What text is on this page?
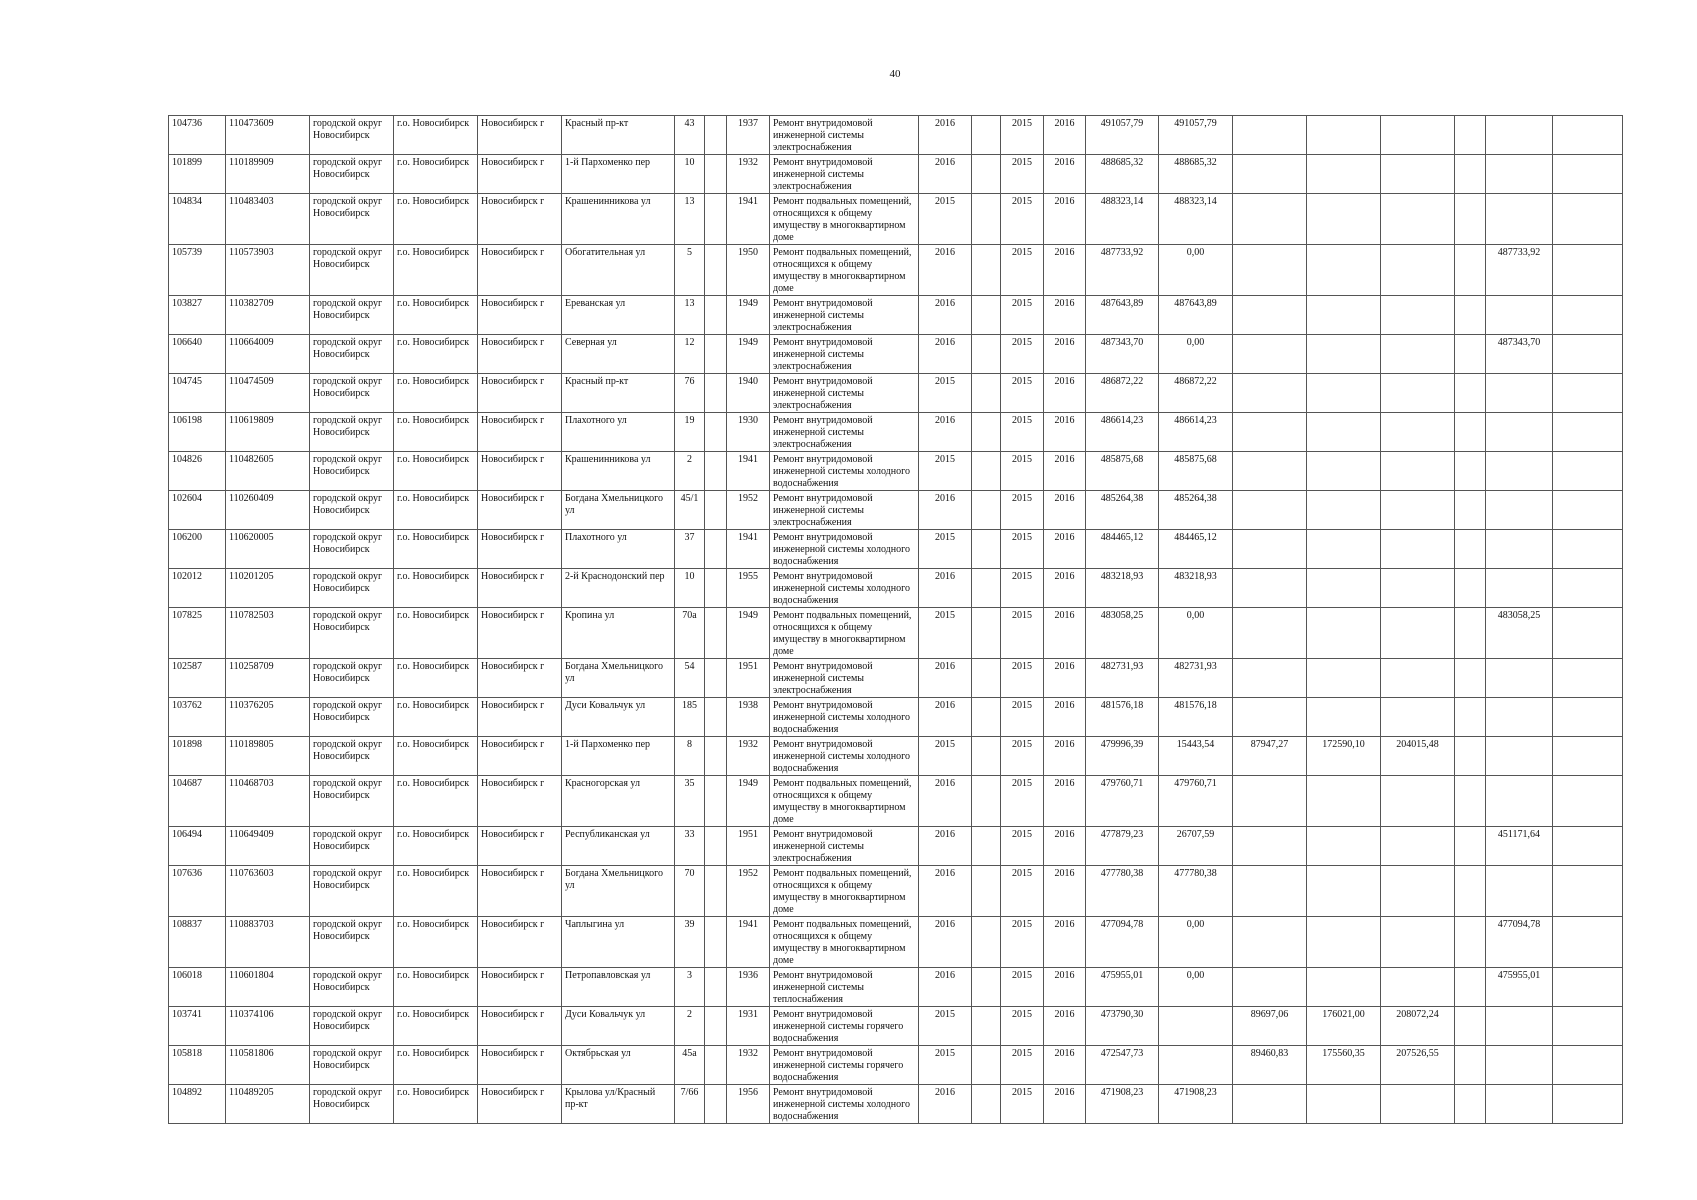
40
104736	110473609	городской округ Новосибирск	г.о. Новосибирск	Новосибирск г	Красный пр-кт	43		1937	Ремонт внутридомовой инженерной системы электроснабжения	2016		2015	2016	491057,79	491057,79						
101899	110189909	городской округ Новосибирск	г.о. Новосибирск	Новосибирск г	1-й Пархоменко пер	10		1932	Ремонт внутридомовой инженерной системы электроснабжения	2016		2015	2016	488685,32	488685,32						
104834	110483403	городской округ Новосибирск	г.о. Новосибирск	Новосибирск г	Крашенинникова ул	13		1941	Ремонт подвальных помещений, относящихся к общему имуществу в многоквартирном доме	2015		2015	2016	488323,14	488323,14						
105739	110573903	городской округ Новосибирск	г.о. Новосибирск	Новосибирск г	Обогатительная ул	5		1950	Ремонт подвальных помещений, относящихся к общему имуществу в многоквартирном доме	2016		2015	2016	487733,92	0,00					487733,92	
103827	110382709	городской округ Новосибирск	г.о. Новосибирск	Новосибирск г	Ереванская ул	13		1949	Ремонт внутридомовой инженерной системы электроснабжения	2016		2015	2016	487643,89	487643,89						
106640	110664009	городской округ Новосибирск	г.о. Новосибирск	Новосибирск г	Северная ул	12		1949	Ремонт внутридомовой инженерной системы электроснабжения	2016		2015	2016	487343,70	0,00					487343,70	
104745	110474509	городской округ Новосибирск	г.о. Новосибирск	Новосибирск г	Красный пр-кт	76		1940	Ремонт внутридомовой инженерной системы электроснабжения	2015		2015	2016	486872,22	486872,22						
106198	110619809	городской округ Новосибирск	г.о. Новосибирск	Новосибирск г	Плахотного ул	19		1930	Ремонт внутридомовой инженерной системы электроснабжения	2016		2015	2016	486614,23	486614,23						
104826	110482605	городской округ Новосибирск	г.о. Новосибирск	Новосибирск г	Крашенинникова ул	2		1941	Ремонт внутридомовой инженерной системы холодного водоснабжения	2015		2015	2016	485875,68	485875,68						
102604	110260409	городской округ Новосибирск	г.о. Новосибирск	Новосибирск г	Богдана Хмельницкого ул	45/1		1952	Ремонт внутридомовой инженерной системы электроснабжения	2016		2015	2016	485264,38	485264,38						
106200	110620005	городской округ Новосибирск	г.о. Новосибирск	Новосибирск г	Плахотного ул	37		1941	Ремонт внутридомовой инженерной системы холодного водоснабжения	2015		2015	2016	484465,12	484465,12						
102012	110201205	городской округ Новосибирск	г.о. Новосибирск	Новосибирск г	2-й Краснодонский пер	10		1955	Ремонт внутридомовой инженерной системы холодного водоснабжения	2016		2015	2016	483218,93	483218,93						
107825	110782503	городской округ Новосибирск	г.о. Новосибирск	Новосибирск г	Кропина ул	70а		1949	Ремонт подвальных помещений, относящихся к общему имуществу в многоквартирном доме	2015		2015	2016	483058,25	0,00					483058,25	
102587	110258709	городской округ Новосибирск	г.о. Новосибирск	Новосибирск г	Богдана Хмельницкого ул	54		1951	Ремонт внутридомовой инженерной системы электроснабжения	2016		2015	2016	482731,93	482731,93						
103762	110376205	городской округ Новосибирск	г.о. Новосибирск	Новосибирск г	Дуси Ковальчук ул	185		1938	Ремонт внутридомовой инженерной системы холодного водоснабжения	2016		2015	2016	481576,18	481576,18						
101898	110189805	городской округ Новосибирск	г.о. Новосибирск	Новосибирск г	1-й Пархоменко пер	8		1932	Ремонт внутридомовой инженерной системы холодного водоснабжения	2015		2015	2016	479996,39	15443,54	87947,27	172590,10	204015,48			
104687	110468703	городской округ Новосибирск	г.о. Новосибирск	Новосибирск г	Красногорская ул	35		1949	Ремонт подвальных помещений, относящихся к общему имуществу в многоквартирном доме	2016		2015	2016	479760,71	479760,71						
106494	110649409	городской округ Новосибирск	г.о. Новосибирск	Новосибирск г	Республиканская ул	33		1951	Ремонт внутридомовой инженерной системы электроснабжения	2016		2015	2016	477879,23	26707,59					451171,64	
107636	110763603	городской округ Новосибирск	г.о. Новосибирск	Новосибирск г	Богдана Хмельницкого ул	70		1952	Ремонт подвальных помещений, относящихся к общему имуществу в многоквартирном доме	2016		2015	2016	477780,38	477780,38						
108837	110883703	городской округ Новосибирск	г.о. Новосибирск	Новосибирск г	Чаплыгина ул	39		1941	Ремонт подвальных помещений, относящихся к общему имуществу в многоквартирном доме	2016		2015	2016	477094,78	0,00					477094,78	
106018	110601804	городской округ Новосибирск	г.о. Новосибирск	Новосибирск г	Петропавловская ул	3		1936	Ремонт внутридомовой инженерной системы теплоснабжения	2016		2015	2016	475955,01	0,00					475955,01	
103741	110374106	городской округ Новосибирск	г.о. Новосибирск	Новосибирск г	Дуси Ковальчук ул	2		1931	Ремонт внутридомовой инженерной системы горячего водоснабжения	2015		2015	2016	473790,30		89697,06	176021,00	208072,24			
105818	110581806	городской округ Новосибирск	г.о. Новосибирск	Новосибирск г	Октябрьская ул	45а		1932	Ремонт внутридомовой инженерной системы горячего водоснабжения	2015		2015	2016	472547,73		89460,83	175560,35	207526,55			
104892	110489205	городской округ Новосибирск	г.о. Новосибирск	Новосибирск г	Крылова ул/Красный пр-кт	7/66		1956	Ремонт внутридомовой инженерной системы холодного водоснабжения	2016		2015	2016	471908,23	471908,23						
